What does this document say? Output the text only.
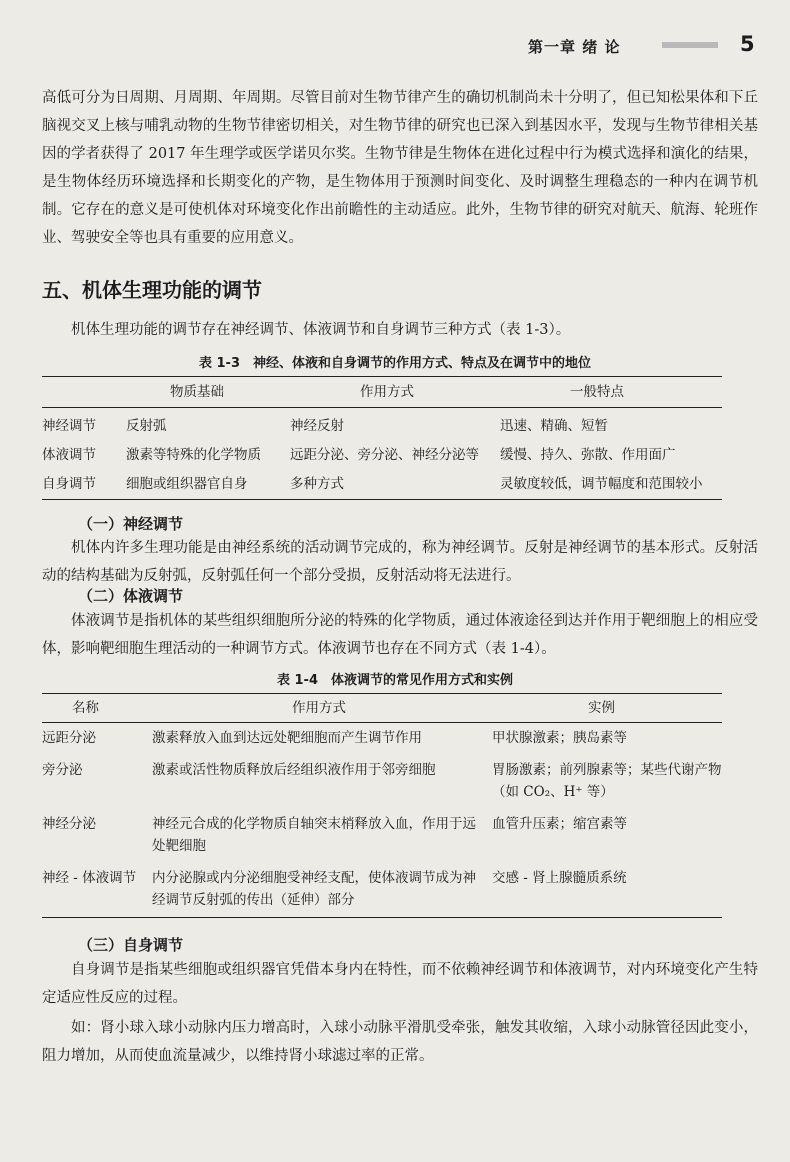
第一章 绪 论	5

高低可分为日周期、月周期、年周期。尽管目前对生物节律产生的确切机制尚未十分明了，但已知松果体和下丘脑视交叉上核与哺乳动物的生物节律密切相关，对生物节律的研究也已深入到基因水平，发现与生物节律相关基因的学者获得了 2017 年生理学或医学诺贝尔奖。生物节律是生物体在进化过程中行为模式选择和演化的结果，是生物体经历环境选择和长期变化的产物，是生物体用于预测时间变化、及时调整生理稳态的一种内在调节机制。它存在的意义是可使机体对环境变化作出前瞻性的主动适应。此外，生物节律的研究对航天、航海、轮班作业、驾驶安全等也具有重要的应用意义。

五、机体生理功能的调节

机体生理功能的调节存在神经调节、体液调节和自身调节三种方式（表 1-3）。

表 1-3　神经、体液和自身调节的作用方式、特点及在调节中的地位
	物质基础	作用方式	一般特点
神经调节	反射弧	神经反射	迅速、精确、短暂
体液调节	激素等特殊的化学物质	远距分泌、旁分泌、神经分泌等	缓慢、持久、弥散、作用面广
自身调节	细胞或组织器官自身	多种方式	灵敏度较低，调节幅度和范围较小
（一）神经调节

机体内许多生理功能是由神经系统的活动调节完成的，称为神经调节。反射是神经调节的基本形式。反射活动的结构基础为反射弧，反射弧任何一个部分受损，反射活动将无法进行。

（二）体液调节

体液调节是指机体的某些组织细胞所分泌的特殊的化学物质，通过体液途径到达并作用于靶细胞上的相应受体，影响靶细胞生理活动的一种调节方式。体液调节也存在不同方式（表 1-4）。

表 1-4　体液调节的常见作用方式和实例
名称	作用方式	实例
远距分泌	激素释放入血到达远处靶细胞而产生调节作用	甲状腺激素；胰岛素等
旁分泌	激素或活性物质释放后经组织液作用于邻旁细胞	胃肠激素；前列腺素等；某些代谢产物（如 CO₂、H⁺ 等）
神经分泌	神经元合成的化学物质自轴突末梢释放入血，作用于远处靶细胞	血管升压素；缩宫素等
神经 - 体液调节	内分泌腺或内分泌细胞受神经支配，使体液调节成为神经调节反射弧的传出（延伸）部分	交感 - 肾上腺髓质系统
（三）自身调节

自身调节是指某些细胞或组织器官凭借本身内在特性，而不依赖神经调节和体液调节，对内环境变化产生特定适应性反应的过程。

如：肾小球入球小动脉内压力增高时，入球小动脉平滑肌受牵张，触发其收缩，入球小动脉管径因此变小，阻力增加，从而使血流量减少，以维持肾小球滤过率的正常。
